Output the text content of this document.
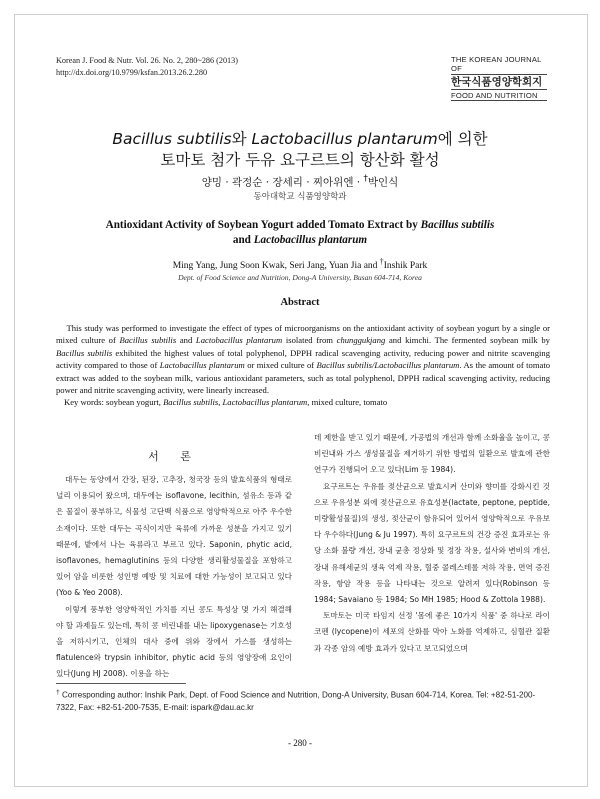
Korean J. Food & Nutr. Vol. 26. No. 2, 280~286 (2013)
http://dx.doi.org/10.9799/ksfan.2013.26.2.280
THE KOREAN JOURNAL OF
한국식품영양학회지
FOOD AND NUTRITION
Bacillus subtilis와 Lactobacillus plantarum에 의한
토마토 첨가 두유 요구르트의 항산화 활성
양밍 · 곽정순 · 장세리 · 찌아위엔 · †박인식
동아대학교 식품영양학과
Antioxidant Activity of Soybean Yogurt added Tomato Extract by Bacillus subtilis
and Lactobacillus plantarum
Ming Yang, Jung Soon Kwak, Seri Jang, Yuan Jia and †Inshik Park
Dept. of Food Science and Nutrition, Dong-A University, Busan 604-714, Korea
Abstract

This study was performed to investigate the effect of types of microorganisms on the antioxidant activity of soybean yogurt by a single or mixed culture of Bacillus subtilis and Lactobacillus plantarum isolated from chunggukjang and kimchi. The fermented soybean milk by Bacillus subtilis exhibited the highest values of total polyphenol, DPPH radical scavenging activity, reducing power and nitrite scavenging activity compared to those of Lactobacillus plantarum or mixed culture of Bacillus subtilis/Lactobacillus plantarum. As the amount of tomato extract was added to the soybean milk, various antioxidant parameters, such as total polyphenol, DPPH radical scavenging activity, reducing power and nitrite scavenging activity, were linearly increased.
Key words: soybean yogurt, Bacillus subtilis, Lactobacillus plantarum, mixed culture, tomato

서 론

대두는 동양에서 간장, 된장, 고추장, 청국장 등의 발효식품의 형태로 널리 이용되어 왔으며, 대두에는 isoflavone, lecithin, 섬유소 등과 같은 물질이 풍부하고, 식물성 고단백 식품으로 영양학적으로 아주 우수한 소재이다. 또한 대두는 곡식이지만 육류에 가까운 성분을 가지고 있기 때문에, 밭에서 나는 육류라고 부르고 있다. Saponin, phytic acid, isoflavones, hemaglutinins 등의 다양한 생리활성물질을 포함하고 있어 암을 비롯한 성인병 예방 및 치료에 대한 가능성이 보고되고 있다(Yoo & Yeo 2008).

이렇게 풍부한 영양학적인 가치를 지닌 콩도 특성상 몇 가지 해결해야 할 과제들도 있는데, 특히 콩 비린내를 내는 lipoxygenase는 기호성을 저하시키고, 인체의 대사 중에 위와 장에서 가스를 생성하는 flatulence와 trypsin inhibitor, phytic acid 등의 영양장애 요인이 있다(Jung HJ 2008). 이용을 하는

데 제한을 받고 있기 때문에, 가공법의 개선과 함께 소화율을 높이고, 콩 비린내와 가스 생성물질을 제거하기 위한 방법의 일환으로 발효에 관한 연구가 진행되어 오고 있다(Lim 등 1984).

요구르트는 우유를 젖산균으로 발효시켜 산미와 향미를 강화시킨 것으로 우유성분 외에 젖산균으로 유효성분(lactate, peptone, peptide, 미량활성물질)의 생성, 젖산균이 함유되어 있어서 영양학적으로 우유보다 우수하다(Jung & Ju 1997). 특히 요구르트의 건강 증진 효과로는 유당 소화 불량 개선, 장내 균총 정상화 및 정장 작용, 설사와 변비의 개선, 장내 유해세균의 생육 억제 작용, 혈중 콜레스테롤 저하 작용, 면역 증진 작용, 항암 작용 등을 나타내는 것으로 알려져 있다(Robinson 등 1984; Savaiano 등 1984; So MH 1985; Hood & Zottola 1988).

토마토는 미국 타임지 선정 '몸에 좋은 10가지 식품' 중 하나로 라이코펜 (lycopene)이 세포의 산화를 막아 노화를 억제하고, 심혈관 질환과 각종 암의 예방 효과가 있다고 보고되었으며

† Corresponding author: Inshik Park, Dept. of Food Science and Nutrition, Dong-A University, Busan 604-714, Korea. Tel: +82-51-200-7322, Fax: +82-51-200-7535, E-mail: ispark@dau.ac.kr
- 280 -
